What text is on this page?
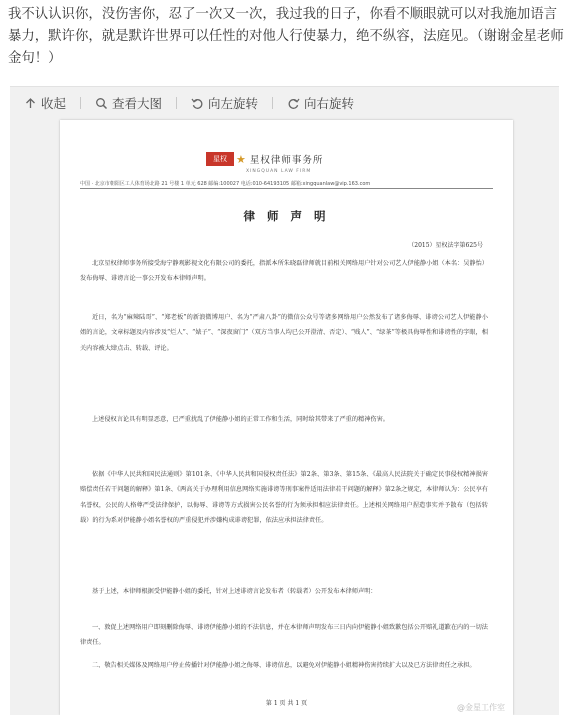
我不认认识你，没伤害你，忍了一次又一次，我过我的日子，你看不顺眼就可以对我施加语言暴力，默许你，就是默许世界可以任性的对他人行使暴力，绝不纵容，法庭见。（谢谢金星老师金句！）
收起	查看大图	向左旋转	向右旋转
星权 ★ 星权律师事务所
XINGQUAN LAW FIRM
中国 · 北京市朝阳区工人体育场北路 21 号楼 1 单元 628 邮编:100027 电话:010-64193105 邮箱:xingquanlaw@vip.163.com
律 师 声 明
（2015）星权法字第625号
北京星权律师事务所接受海宁静观影视文化有限公司的委托，指派本所朱晓磊律师就目前相关网络用户针对公司艺人伊能静小姐（本名：吴静怡）发布侮辱、诽谤言论一事公开发布本律师声明。
近日，名为“麻辣陆哥”、“郑老板”的新浪微博用户、名为“严肃八卦”的微信公众号等诸多网络用户公然发布了诸多侮辱、诽谤公司艺人伊能静小姐的言论，文章标题及内容涉及“烂人”、“婊子”、“深夜窗门”（双方当事人均已公开澄清、否定）、“贱人”、“绿茶”等极具侮辱性和诽谤性的字眼，相关内容被大肆点击、转载、评论。
上述侵权言论具有明显恶意，已严重扰乱了伊能静小姐的正常工作和生活，同时给其带来了严重的精神伤害。
依据《中华人民共和国民法通则》第101条、《中华人民共和国侵权责任法》第2条、第3条、第15条、《最高人民法院关于确定民事侵权精神损害赔偿责任若干问题的解释》第1条、《两高关于办理利用信息网络实施诽谤等刑事案件适用法律若干问题的解释》第2条之规定，本律师认为：公民享有名誉权，公民的人格尊严受法律保护，以侮辱、诽谤等方式损害公民名誉的行为须承担相应法律责任。上述相关网络用户捏造事实并予散布（包括转载）的行为系对伊能静小姐名誉权的严重侵犯并涉嫌构成诽谤犯罪，依法应承担法律责任。
基于上述，本律师根据受伊能静小姐的委托，针对上述诽谤言论发布者（转载者）公开发布本律师声明：
一、敦促上述网络用户即刻删除侮辱、诽谤伊能静小姐的不法信息，并在本律师声明发布三日内向伊能静小姐致歉包括公开赔礼道歉在内的一切法律责任。
二、敬告相关媒体及网络用户停止传播针对伊能静小姐之侮辱、诽谤信息，以避免对伊能静小姐精神伤害持续扩大以及已方法律责任之承担。
第 1 页 共 1 页	@金星工作室
